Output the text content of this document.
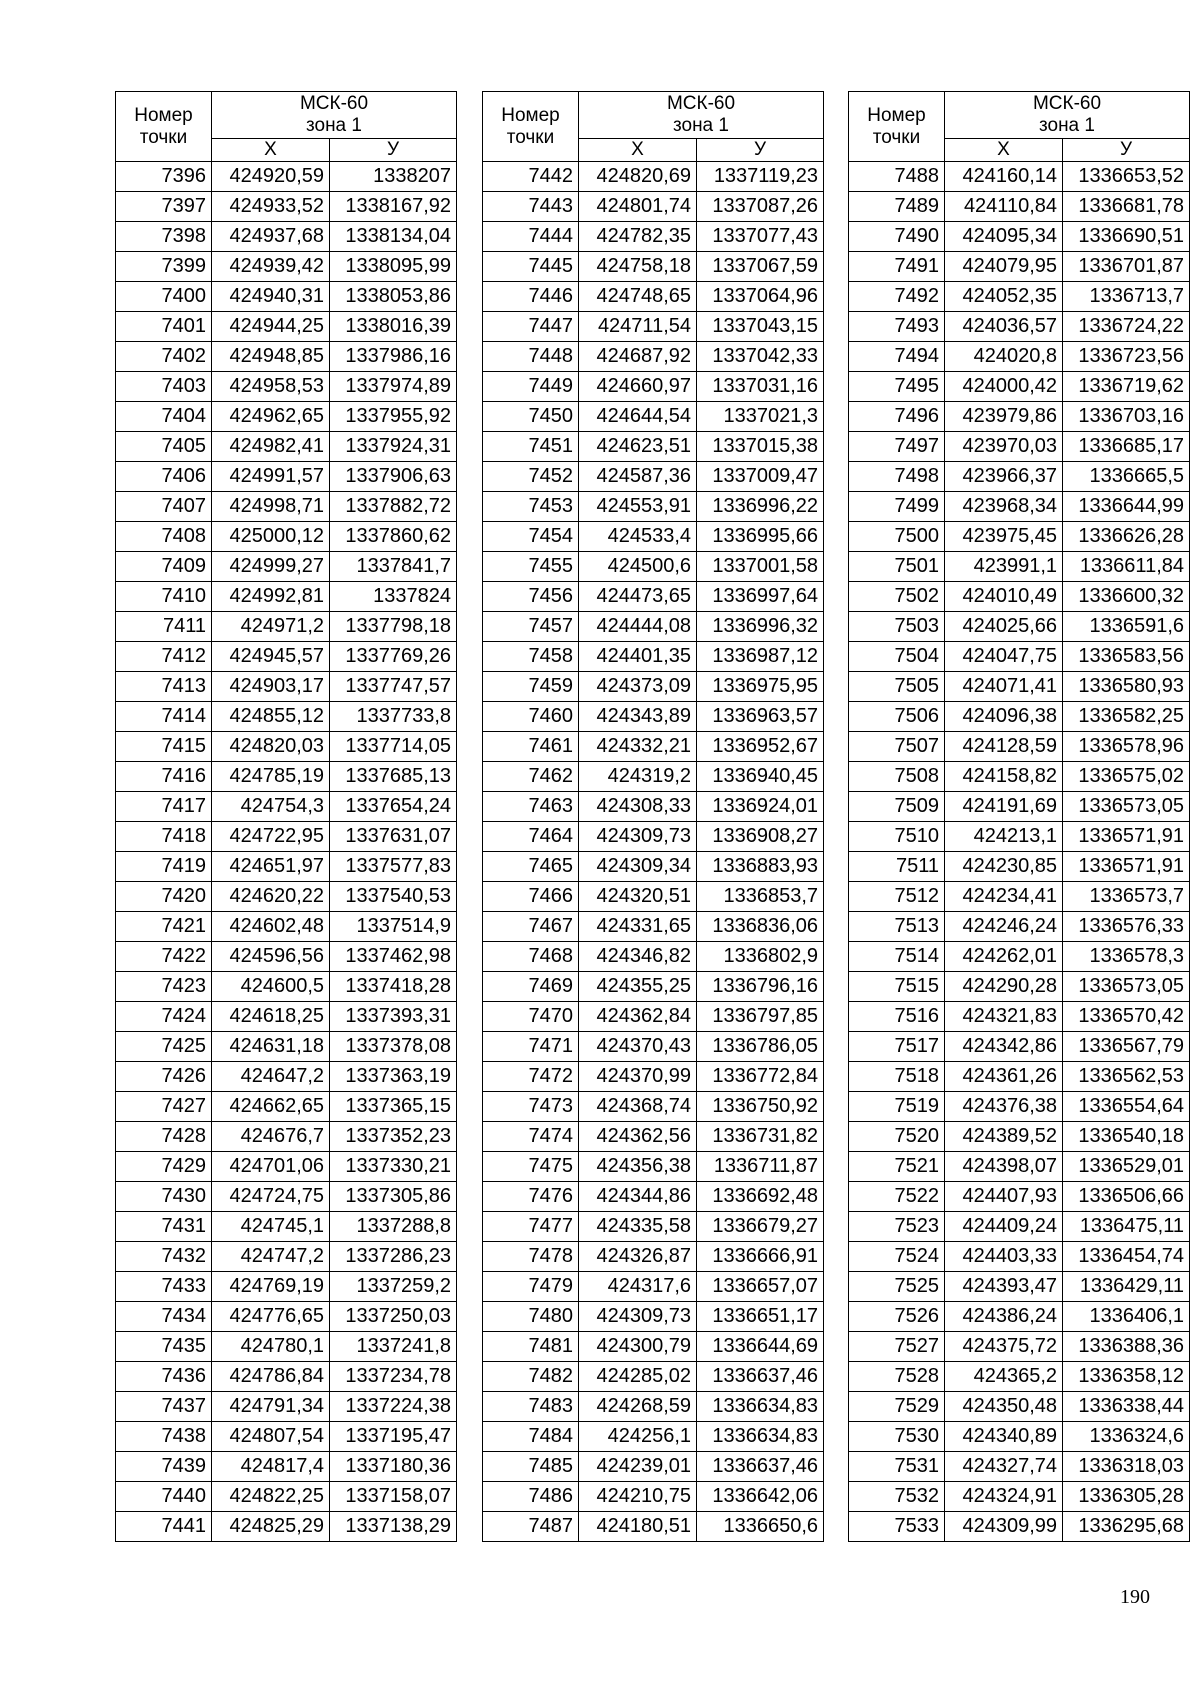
Номер
точки	МСК-60
зона 1	
	X	У
7396	424920,59	1338207
7397	424933,52	1338167,92
7398	424937,68	1338134,04
7399	424939,42	1338095,99
7400	424940,31	1338053,86
7401	424944,25	1338016,39
7402	424948,85	1337986,16
7403	424958,53	1337974,89
7404	424962,65	1337955,92
7405	424982,41	1337924,31
7406	424991,57	1337906,63
7407	424998,71	1337882,72
7408	425000,12	1337860,62
7409	424999,27	1337841,7
7410	424992,81	1337824
7411	424971,2	1337798,18
7412	424945,57	1337769,26
7413	424903,17	1337747,57
7414	424855,12	1337733,8
7415	424820,03	1337714,05
7416	424785,19	1337685,13
7417	424754,3	1337654,24
7418	424722,95	1337631,07
7419	424651,97	1337577,83
7420	424620,22	1337540,53
7421	424602,48	1337514,9
7422	424596,56	1337462,98
7423	424600,5	1337418,28
7424	424618,25	1337393,31
7425	424631,18	1337378,08
7426	424647,2	1337363,19
7427	424662,65	1337365,15
7428	424676,7	1337352,23
7429	424701,06	1337330,21
7430	424724,75	1337305,86
7431	424745,1	1337288,8
7432	424747,2	1337286,23
7433	424769,19	1337259,2
7434	424776,65	1337250,03
7435	424780,1	1337241,8
7436	424786,84	1337234,78
7437	424791,34	1337224,38
7438	424807,54	1337195,47
7439	424817,4	1337180,36
7440	424822,25	1337158,07
7441	424825,29	1337138,29
Номер
точки	МСК-60
зона 1	
	X	У
7442	424820,69	1337119,23
7443	424801,74	1337087,26
7444	424782,35	1337077,43
7445	424758,18	1337067,59
7446	424748,65	1337064,96
7447	424711,54	1337043,15
7448	424687,92	1337042,33
7449	424660,97	1337031,16
7450	424644,54	1337021,3
7451	424623,51	1337015,38
7452	424587,36	1337009,47
7453	424553,91	1336996,22
7454	424533,4	1336995,66
7455	424500,6	1337001,58
7456	424473,65	1336997,64
7457	424444,08	1336996,32
7458	424401,35	1336987,12
7459	424373,09	1336975,95
7460	424343,89	1336963,57
7461	424332,21	1336952,67
7462	424319,2	1336940,45
7463	424308,33	1336924,01
7464	424309,73	1336908,27
7465	424309,34	1336883,93
7466	424320,51	1336853,7
7467	424331,65	1336836,06
7468	424346,82	1336802,9
7469	424355,25	1336796,16
7470	424362,84	1336797,85
7471	424370,43	1336786,05
7472	424370,99	1336772,84
7473	424368,74	1336750,92
7474	424362,56	1336731,82
7475	424356,38	1336711,87
7476	424344,86	1336692,48
7477	424335,58	1336679,27
7478	424326,87	1336666,91
7479	424317,6	1336657,07
7480	424309,73	1336651,17
7481	424300,79	1336644,69
7482	424285,02	1336637,46
7483	424268,59	1336634,83
7484	424256,1	1336634,83
7485	424239,01	1336637,46
7486	424210,75	1336642,06
7487	424180,51	1336650,6
Номер
точки	МСК-60
зона 1	
	X	У
7488	424160,14	1336653,52
7489	424110,84	1336681,78
7490	424095,34	1336690,51
7491	424079,95	1336701,87
7492	424052,35	1336713,7
7493	424036,57	1336724,22
7494	424020,8	1336723,56
7495	424000,42	1336719,62
7496	423979,86	1336703,16
7497	423970,03	1336685,17
7498	423966,37	1336665,5
7499	423968,34	1336644,99
7500	423975,45	1336626,28
7501	423991,1	1336611,84
7502	424010,49	1336600,32
7503	424025,66	1336591,6
7504	424047,75	1336583,56
7505	424071,41	1336580,93
7506	424096,38	1336582,25
7507	424128,59	1336578,96
7508	424158,82	1336575,02
7509	424191,69	1336573,05
7510	424213,1	1336571,91
7511	424230,85	1336571,91
7512	424234,41	1336573,7
7513	424246,24	1336576,33
7514	424262,01	1336578,3
7515	424290,28	1336573,05
7516	424321,83	1336570,42
7517	424342,86	1336567,79
7518	424361,26	1336562,53
7519	424376,38	1336554,64
7520	424389,52	1336540,18
7521	424398,07	1336529,01
7522	424407,93	1336506,66
7523	424409,24	1336475,11
7524	424403,33	1336454,74
7525	424393,47	1336429,11
7526	424386,24	1336406,1
7527	424375,72	1336388,36
7528	424365,2	1336358,12
7529	424350,48	1336338,44
7530	424340,89	1336324,6
7531	424327,74	1336318,03
7532	424324,91	1336305,28
7533	424309,99	1336295,68
190
